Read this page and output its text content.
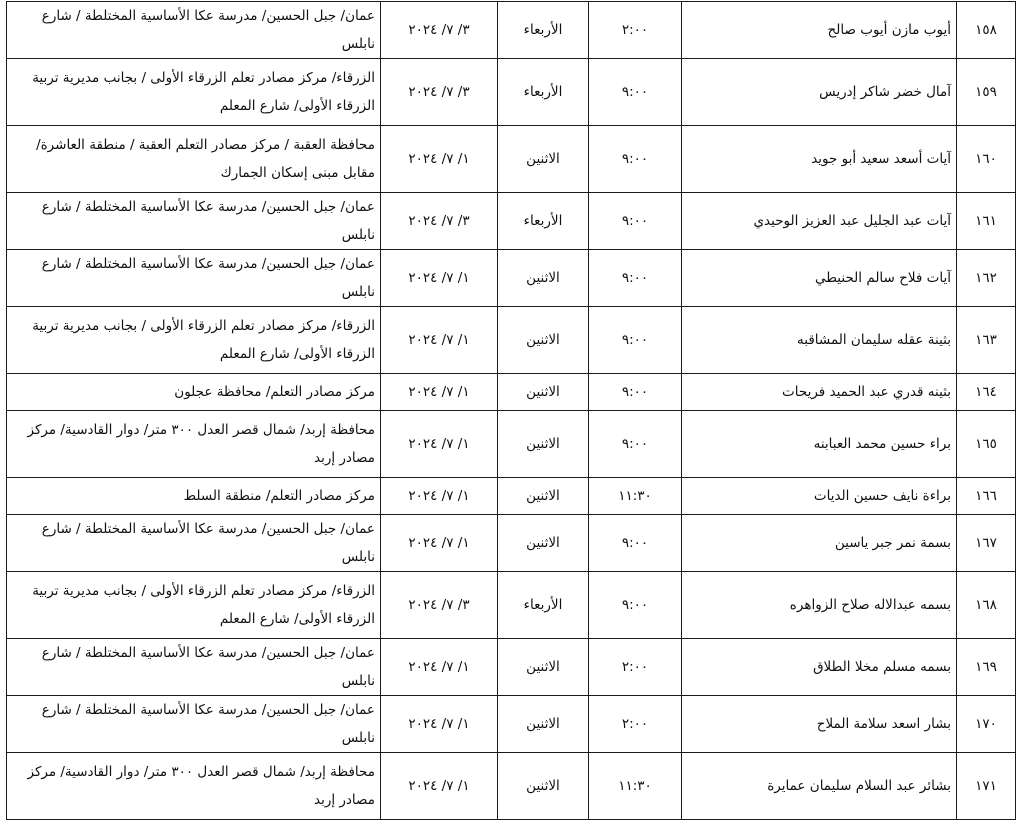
١٥٨	أيوب مازن أيوب صالح	٢:٠٠	الأربعاء	٣/ ٧/ ٢٠٢٤	عمان/ جبل الحسين/ مدرسة عكا الأساسية المختلطة / شارع نابلس
١٥٩	آمال خضر شاكر إدريس	٩:٠٠	الأربعاء	٣/ ٧/ ٢٠٢٤	الزرقاء/ مركز مصادر تعلم الزرقاء الأولى / بجانب مديرية تربية الزرقاء الأولى/ شارع المعلم
١٦٠	آيات أسعد سعيد أبو جويد	٩:٠٠	الاثنين	١/ ٧/ ٢٠٢٤	محافظة العقبة / مركز مصادر التعلم العقبة / منطقة العاشرة/ مقابل مبنى إسكان الجمارك
١٦١	آيات عبد الجليل عبد العزيز الوحيدي	٩:٠٠	الأربعاء	٣/ ٧/ ٢٠٢٤	عمان/ جبل الحسين/ مدرسة عكا الأساسية المختلطة / شارع نابلس
١٦٢	آيات فلاح سالم الحنيطي	٩:٠٠	الاثنين	١/ ٧/ ٢٠٢٤	عمان/ جبل الحسين/ مدرسة عكا الأساسية المختلطة / شارع نابلس
١٦٣	بثينة عقله سليمان المشاقبه	٩:٠٠	الاثنين	١/ ٧/ ٢٠٢٤	الزرقاء/ مركز مصادر تعلم الزرقاء الأولى / بجانب مديرية تربية الزرقاء الأولى/ شارع المعلم
١٦٤	بثينه قدري عبد الحميد فريحات	٩:٠٠	الاثنين	١/ ٧/ ٢٠٢٤	مركز مصادر التعلم/ محافظة عجلون
١٦٥	براء حسين محمد العبابنه	٩:٠٠	الاثنين	١/ ٧/ ٢٠٢٤	محافظة إربد/ شمال قصر العدل ٣٠٠ متر/ دوار القادسية/ مركز مصادر إربد
١٦٦	براءة نايف حسين الديات	١١:٣٠	الاثنين	١/ ٧/ ٢٠٢٤	مركز مصادر التعلم/ منطقة السلط
١٦٧	بسمة نمر جبر ياسين	٩:٠٠	الاثنين	١/ ٧/ ٢٠٢٤	عمان/ جبل الحسين/ مدرسة عكا الأساسية المختلطة / شارع نابلس
١٦٨	بسمه عبدالاله صلاح الزواهره	٩:٠٠	الأربعاء	٣/ ٧/ ٢٠٢٤	الزرقاء/ مركز مصادر تعلم الزرقاء الأولى / بجانب مديرية تربية الزرقاء الأولى/ شارع المعلم
١٦٩	بسمه مسلم مخلا الطلاق	٢:٠٠	الاثنين	١/ ٧/ ٢٠٢٤	عمان/ جبل الحسين/ مدرسة عكا الأساسية المختلطة / شارع نابلس
١٧٠	بشار اسعد سلامة الملاح	٢:٠٠	الاثنين	١/ ٧/ ٢٠٢٤	عمان/ جبل الحسين/ مدرسة عكا الأساسية المختلطة / شارع نابلس
١٧١	بشائر عبد السلام سليمان عمايرة	١١:٣٠	الاثنين	١/ ٧/ ٢٠٢٤	محافظة إربد/ شمال قصر العدل ٣٠٠ متر/ دوار القادسية/ مركز مصادر إربد
